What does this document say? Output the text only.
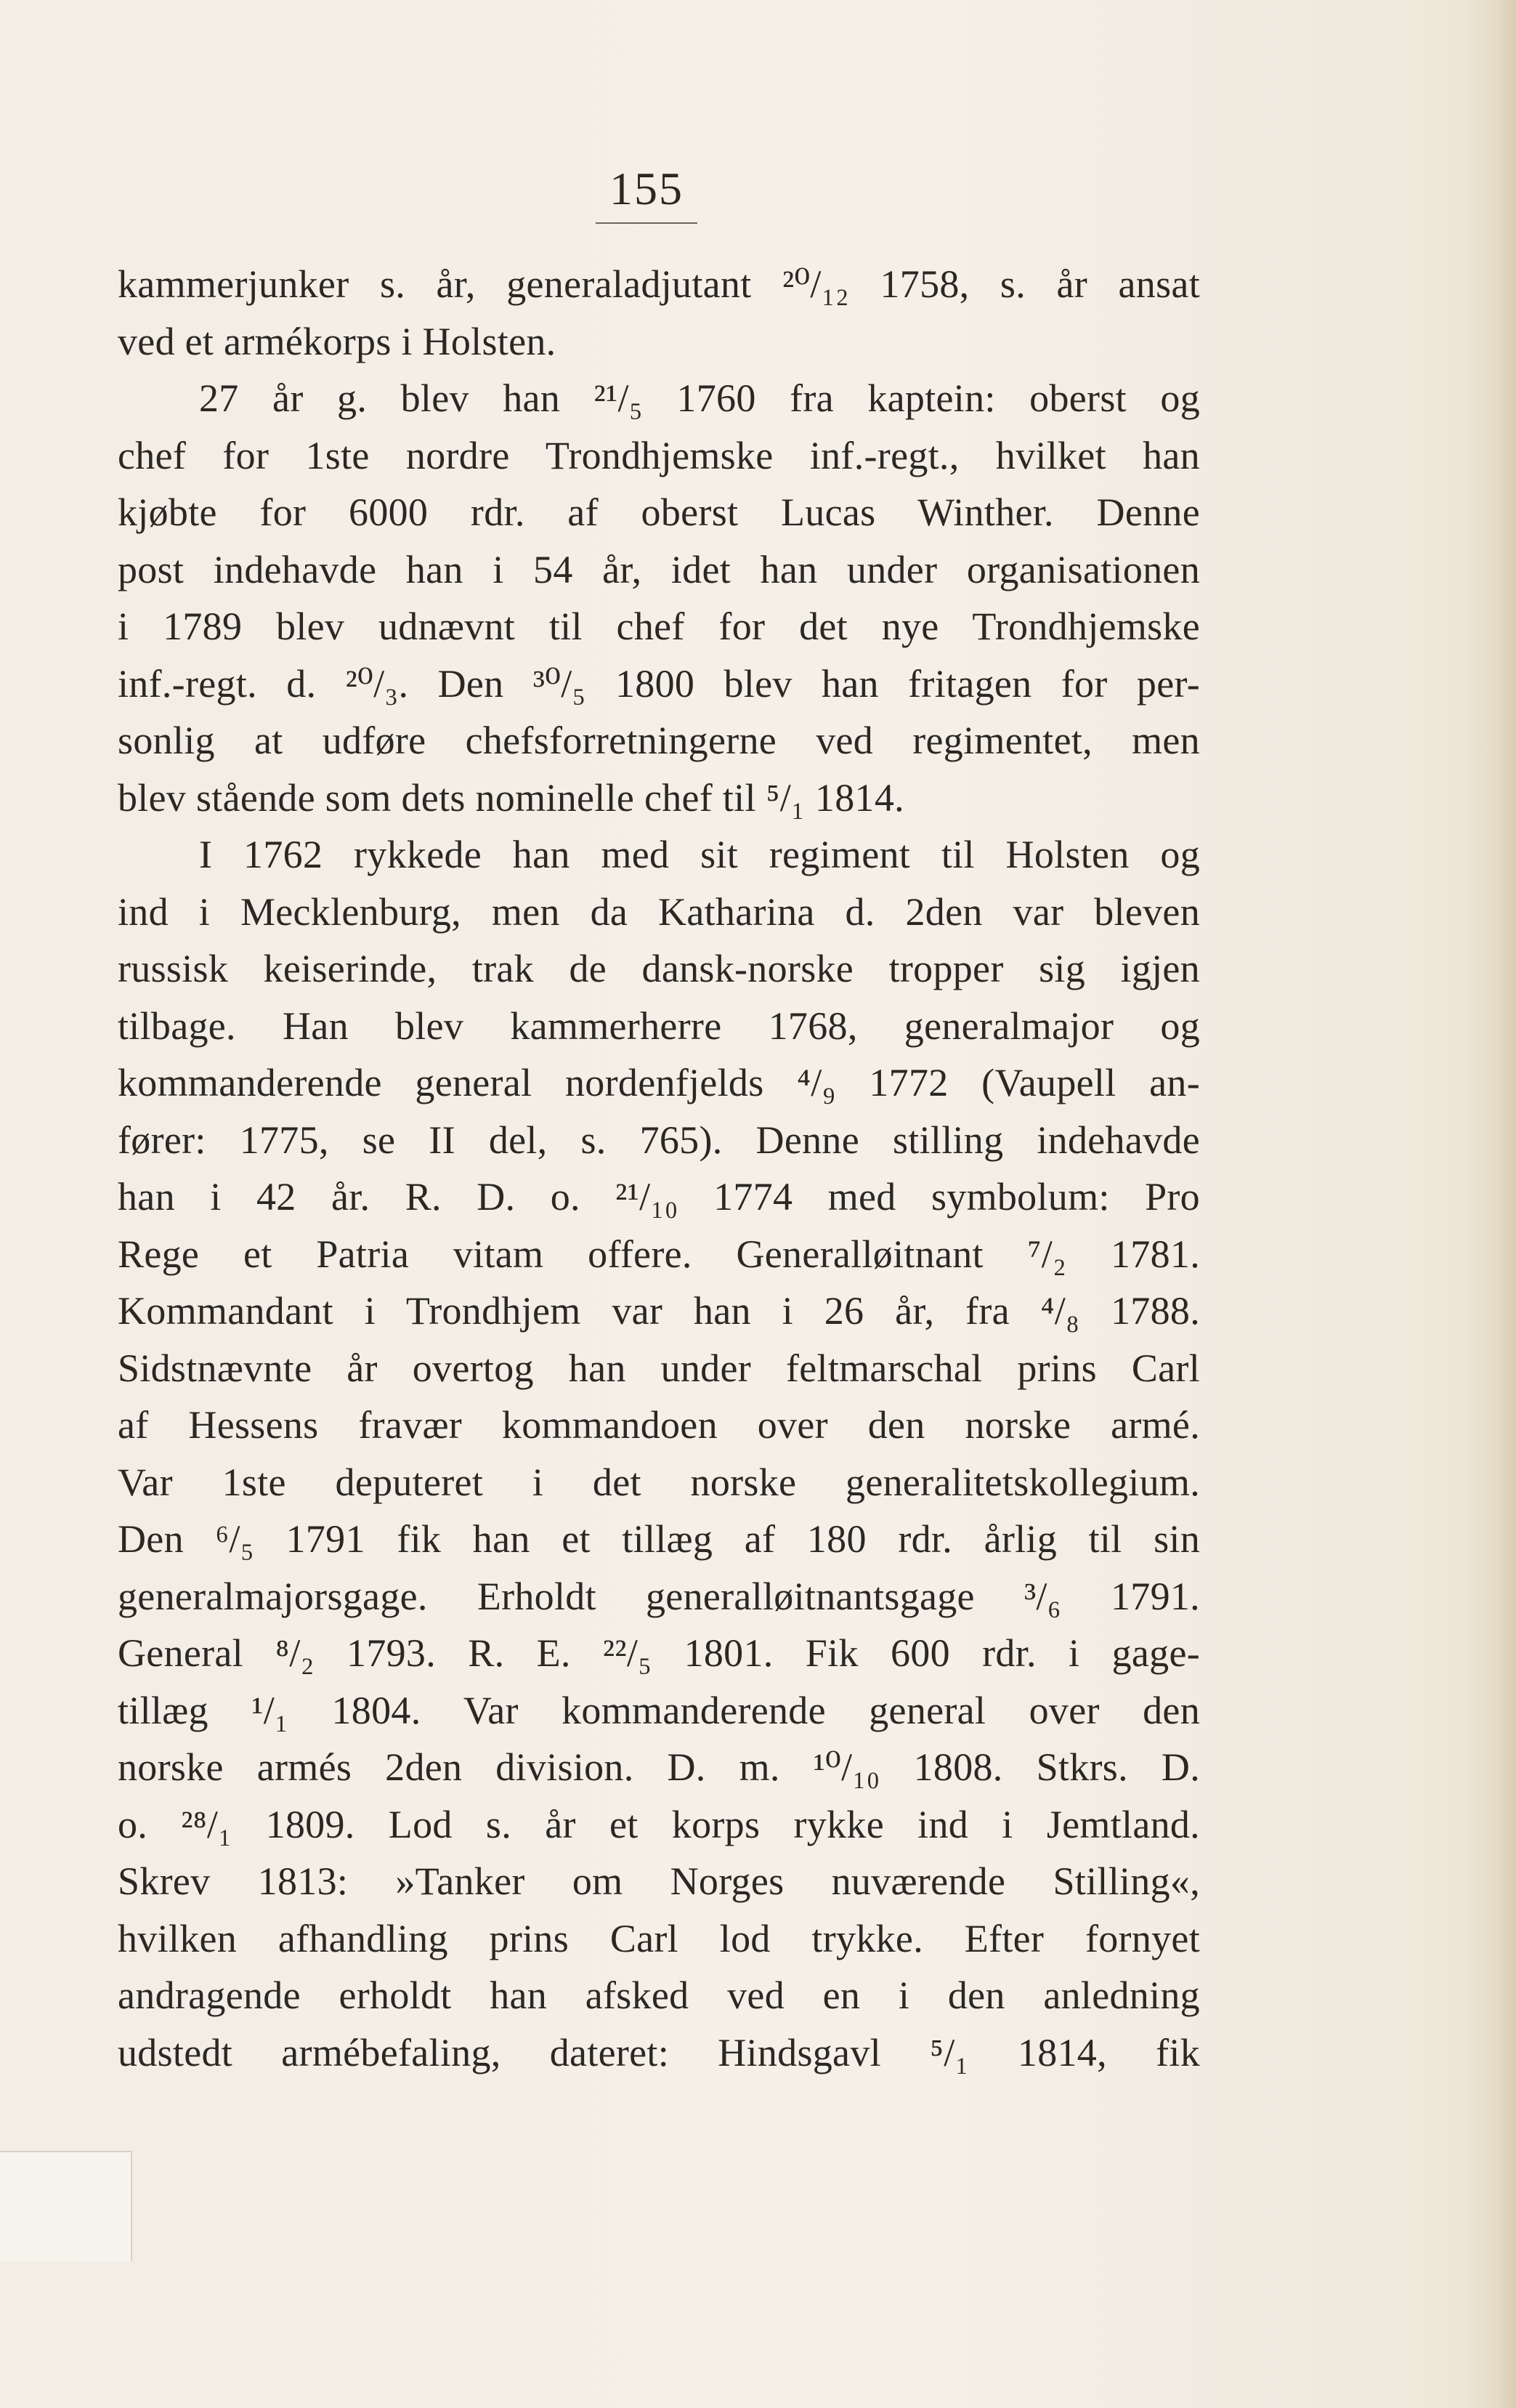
155
kammerjunker s. år, generaladjutant ²⁰/₁₂ 1758, s. år ansat
ved et armékorps i Holsten.
27 år g. blev han ²¹/₅ 1760 fra kaptein: oberst og
chef for 1ste nordre Trondhjemske inf.-regt., hvilket han
kjøbte for 6000 rdr. af oberst Lucas Winther. Denne
post indehavde han i 54 år, idet han under organisationen
i 1789 blev udnævnt til chef for det nye Trondhjemske
inf.-regt. d. ²⁰/₃. Den ³⁰/₅ 1800 blev han fritagen for per-
sonlig at udføre chefsforretningerne ved regimentet, men
blev stående som dets nominelle chef til ⁵/₁ 1814.
I 1762 rykkede han med sit regiment til Holsten og
ind i Mecklenburg, men da Katharina d. 2den var bleven
russisk keiserinde, trak de dansk-norske tropper sig igjen
tilbage. Han blev kammerherre 1768, generalmajor og
kommanderende general nordenfjelds ⁴/₉ 1772 (Vaupell an-
fører: 1775, se II del, s. 765). Denne stilling indehavde
han i 42 år. R. D. o. ²¹/₁₀ 1774 med symbolum: Pro
Rege et Patria vitam offere. Generalløitnant ⁷/₂ 1781.
Kommandant i Trondhjem var han i 26 år, fra ⁴/₈ 1788.
Sidstnævnte år overtog han under feltmarschal prins Carl
af Hessens fravær kommandoen over den norske armé.
Var 1ste deputeret i det norske generalitetskollegium.
Den ⁶/₅ 1791 fik han et tillæg af 180 rdr. årlig til sin
generalmajorsgage. Erholdt generalløitnantsgage ³/₆ 1791.
General ⁸/₂ 1793. R. E. ²²/₅ 1801. Fik 600 rdr. i gage-
tillæg ¹/₁ 1804. Var kommanderende general over den
norske armés 2den division. D. m. ¹⁰/₁₀ 1808. Stkrs. D.
o. ²⁸/₁ 1809. Lod s. år et korps rykke ind i Jemtland.
Skrev 1813: »Tanker om Norges nuværende Stilling«,
hvilken afhandling prins Carl lod trykke. Efter fornyet
andragende erholdt han afsked ved en i den anledning
udstedt armébefaling, dateret: Hindsgavl ⁵/₁ 1814, fik
